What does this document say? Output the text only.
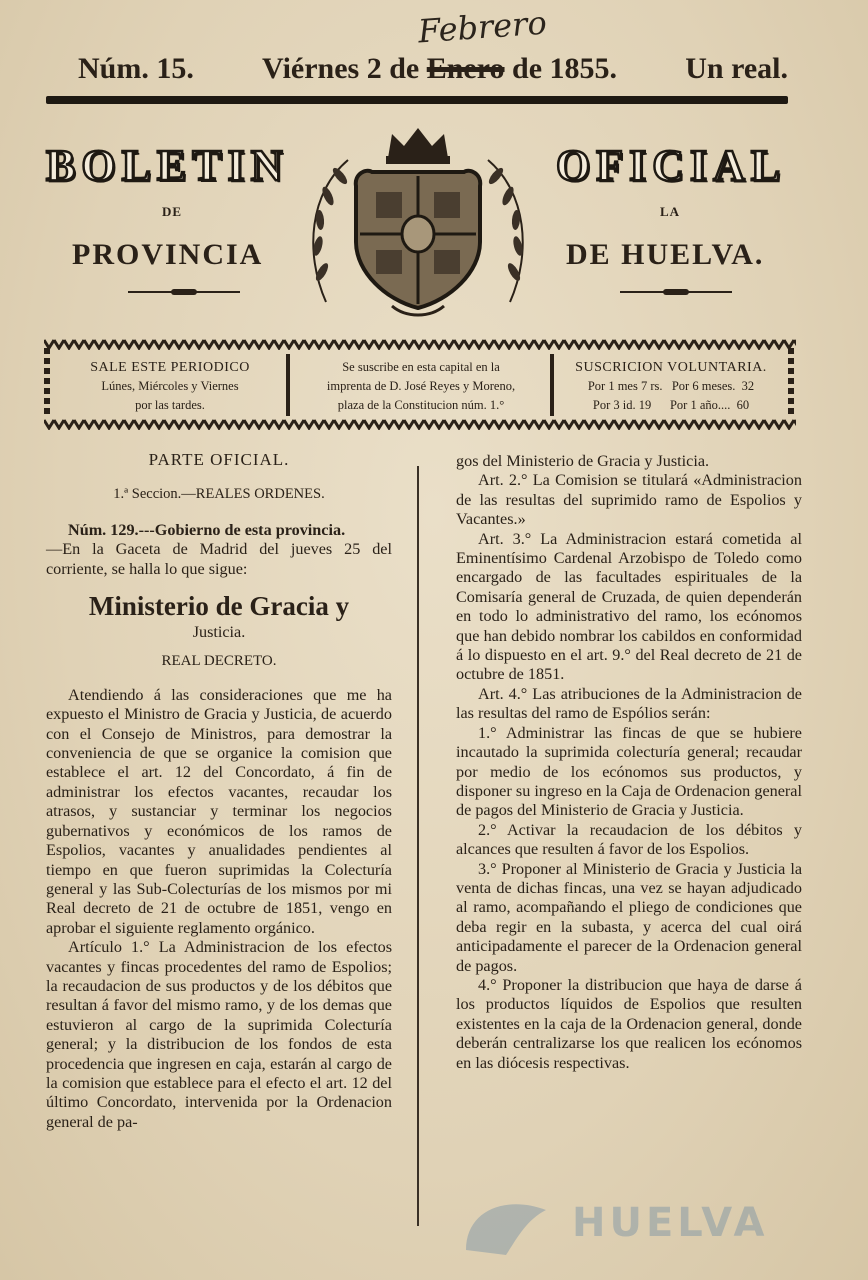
Febrero
Núm. 15. Viérnes 2 de Enero de 1855. Un real.
BOLETIN	OFICIAL
DE	LA
PROVINCIA	DE HUELVA.
SALE ESTE PERIODICO
Lúnes, Miércoles y Viernes
por las tardes.
Se suscribe en esta capital en la
imprenta de D. José Reyes y Moreno,
plaza de la Constitucion núm. 1.°
SUSCRICION VOLUNTARIA.
Por 1 mes 7 rs.   Por 6 meses.  32
Por 3 id. 19      Por 1 año....  60

PARTE OFICIAL.

1.ª Seccion.—REALES ORDENES.

Núm. 129.---Gobierno de esta provincia.

—En la Gaceta de Madrid del jueves 25 del corriente, se halla lo que sigue:

Ministerio de Gracia y

Justicia.

REAL DECRETO.

Atendiendo á las consideraciones que me ha expuesto el Ministro de Gracia y Justicia, de acuerdo con el Consejo de Ministros, para demostrar la conveniencia de que se organice la comision que establece el art. 12 del Concordato, á fin de administrar los efectos vacantes, recaudar los atrasos, y sustanciar y terminar los negocios gubernativos y económicos de los ramos de Espolios, vacantes y anualidades pendientes al tiempo en que fueron suprimidas la Colecturía general y las Sub-Colecturías de los mismos por mi Real decreto de 21 de octubre de 1851, vengo en aprobar el siguiente reglamento orgánico.

Artículo 1.° La Administracion de los efectos vacantes y fincas procedentes del ramo de Espolios; la recaudacion de sus productos y de los débitos que resultan á favor del mismo ramo, y de los demas que estuvieron al cargo de la suprimida Colecturía general; y la distribucion de los fondos de esta procedencia que ingresen en caja, estarán al cargo de la comision que establece para el efecto el art. 12 del último Concordato, intervenida por la Ordenacion general de pa-

gos del Ministerio de Gracia y Justicia.

Art. 2.° La Comision se titulará «Administracion de las resultas del suprimido ramo de Espolios y Vacantes.»

Art. 3.° La Administracion estará cometida al Eminentísimo Cardenal Arzobispo de Toledo como encargado de las facultades espirituales de la Comisaría general de Cruzada, de quien dependerán en todo lo administrativo del ramo, los ecónomos que han debido nombrar los cabildos en conformidad á lo dispuesto en el art. 9.° del Real decreto de 21 de octubre de 1851.

Art. 4.° Las atribuciones de la Administracion de las resultas del ramo de Espólios serán:

1.° Administrar las fincas de que se hubiere incautado la suprimida colecturía general; recaudar por medio de los ecónomos sus productos, y disponer su ingreso en la Caja de Ordenacion general de pagos del Ministerio de Gracia y Justicia.

2.° Activar la recaudacion de los débitos y alcances que resulten á favor de los Espolios.

3.° Proponer al Ministerio de Gracia y Justicia la venta de dichas fincas, una vez se hayan adjudicado al ramo, acompañando el pliego de condiciones que deba regir en la subasta, y acerca del cual oirá anticipadamente el parecer de la Ordenacion general de pagos.

4.° Proponer la distribucion que haya de darse á los productos líquidos de Espolios que resulten existentes en la caja de la Ordenacion general, donde deberán centralizarse los que realicen los ecónomos en las diócesis respectivas.

HUELVA
